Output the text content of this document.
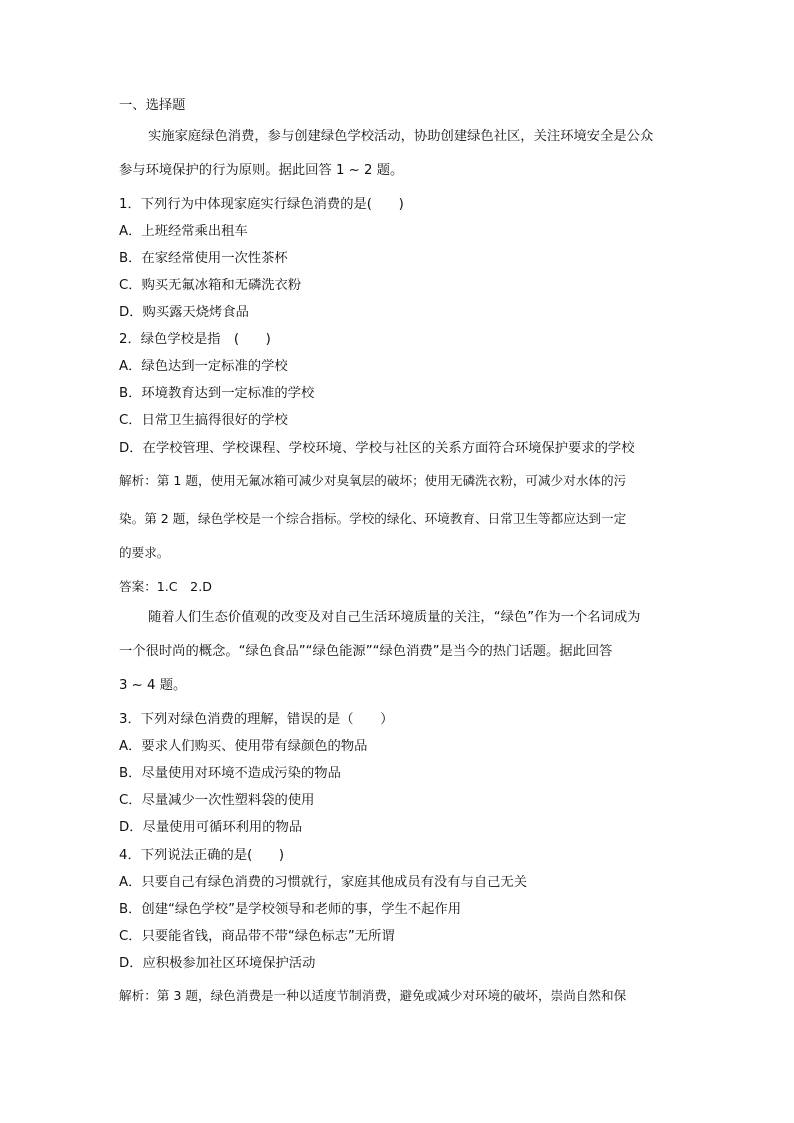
一、选择题
实施家庭绿色消费，参与创建绿色学校活动，协助创建绿色社区，关注环境安全是公众
参与环境保护的行为原则。据此回答 1 ~ 2 题。
1．下列行为中体现家庭实行绿色消费的是(　　)
A．上班经常乘出租车
B．在家经常使用一次性茶杯
C．购买无氟冰箱和无磷洗衣粉
D．购买露天烧烤食品
2．绿色学校是指　(　　)
A．绿色达到一定标准的学校
B．环境教育达到一定标准的学校
C．日常卫生搞得很好的学校
D．在学校管理、学校课程、学校环境、学校与社区的关系方面符合环境保护要求的学校
解析：第 1 题，使用无氟冰箱可减少对臭氧层的破坏；使用无磷洗衣粉，可减少对水体的污
染。第 2 题，绿色学校是一个综合指标。学校的绿化、环境教育、日常卫生等都应达到一定
的要求。
答案：1.C　2.D
随着人们生态价值观的改变及对自己生活环境质量的关注，“绿色”作为一个名词成为
一个很时尚的概念。“绿色食品”“绿色能源”“绿色消费”是当今的热门话题。据此回答
3 ~ 4 题。
3．下列对绿色消费的理解，错误的是（　　）
A．要求人们购买、使用带有绿颜色的物品
B．尽量使用对环境不造成污染的物品
C．尽量减少一次性塑料袋的使用
D．尽量使用可循环利用的物品
4．下列说法正确的是(　　)
A．只要自己有绿色消费的习惯就行，家庭其他成员有没有与自己无关
B．创建“绿色学校”是学校领导和老师的事，学生不起作用
C．只要能省钱，商品带不带“绿色标志”无所谓
D．应积极参加社区环境保护活动
解析：第 3 题，绿色消费是一种以适度节制消费，避免或减少对环境的破坏，崇尚自然和保
